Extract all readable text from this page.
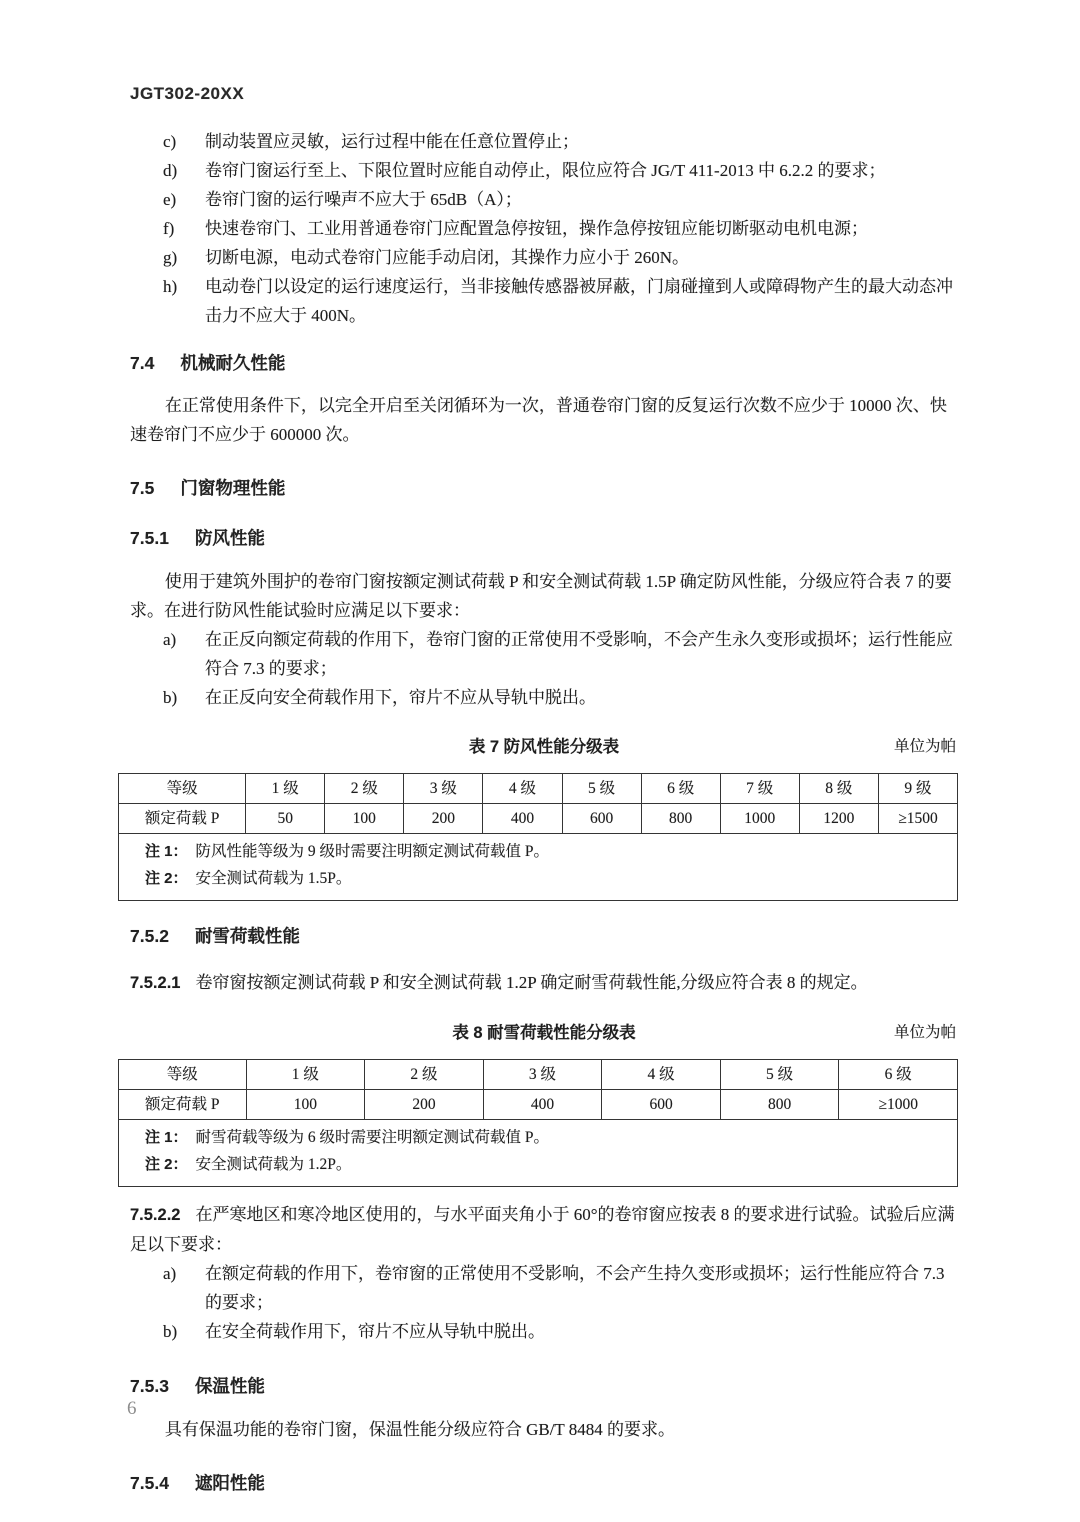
JGT302-20XX
c)	制动装置应灵敏，运行过程中能在任意位置停止；
d)	卷帘门窗运行至上、下限位置时应能自动停止，限位应符合 JG/T 411-2013 中 6.2.2 的要求；
e)	卷帘门窗的运行噪声不应大于 65dB（A）；
f)	快速卷帘门、工业用普通卷帘门应配置急停按钮，操作急停按钮应能切断驱动电机电源；
g)	切断电源，电动式卷帘门应能手动启闭，其操作力应小于 260N。
h)	电动卷门以设定的运行速度运行，当非接触传感器被屏蔽，门扇碰撞到人或障碍物产生的最大动态冲击力不应大于 400N。
7.4 机械耐久性能

在正常使用条件下，以完全开启至关闭循环为一次，普通卷帘门窗的反复运行次数不应少于 10000 次、快速卷帘门不应少于 600000 次。

7.5 门窗物理性能
7.5.1 防风性能

使用于建筑外围护的卷帘门窗按额定测试荷载 P 和安全测试荷载 1.5P 确定防风性能，分级应符合表 7 的要求。在进行防风性能试验时应满足以下要求：

a)	在正反向额定荷载的作用下，卷帘门窗的正常使用不受影响，不会产生永久变形或损坏；运行性能应符合 7.3 的要求；
b)	在正反向安全荷载作用下，帘片不应从导轨中脱出。
表 7 防风性能分级表	单位为帕
等级	1 级	2 级	3 级	4 级	5 级	6 级	7 级	8 级	9 级
额定荷载 P	50	100	200	400	600	800	1000	1200	≥1500

注 1： 防风性能等级为 9 级时需要注明额定测试荷载值 P。
注 2： 安全测试荷载为 1.5P。									
7.5.2 耐雪荷载性能

7.5.2.1 卷帘窗按额定测试荷载 P 和安全测试荷载 1.2P 确定耐雪荷载性能,分级应符合表 8 的规定。

表 8 耐雪荷载性能分级表	单位为帕
等级	1 级	2 级	3 级	4 级	5 级	6 级
额定荷载 P	100	200	400	600	800	≥1000

注 1： 耐雪荷载等级为 6 级时需要注明额定测试荷载值 P。
注 2： 安全测试荷载为 1.2P。						

7.5.2.2 在严寒地区和寒冷地区使用的，与水平面夹角小于 60°的卷帘窗应按表 8 的要求进行试验。试验后应满足以下要求：

a)	在额定荷载的作用下，卷帘窗的正常使用不受影响，不会产生持久变形或损坏；运行性能应符合 7.3 的要求；
b)	在安全荷载作用下，帘片不应从导轨中脱出。
7.5.3 保温性能

具有保温功能的卷帘门窗，保温性能分级应符合 GB/T 8484 的要求。

7.5.4 遮阳性能
6
